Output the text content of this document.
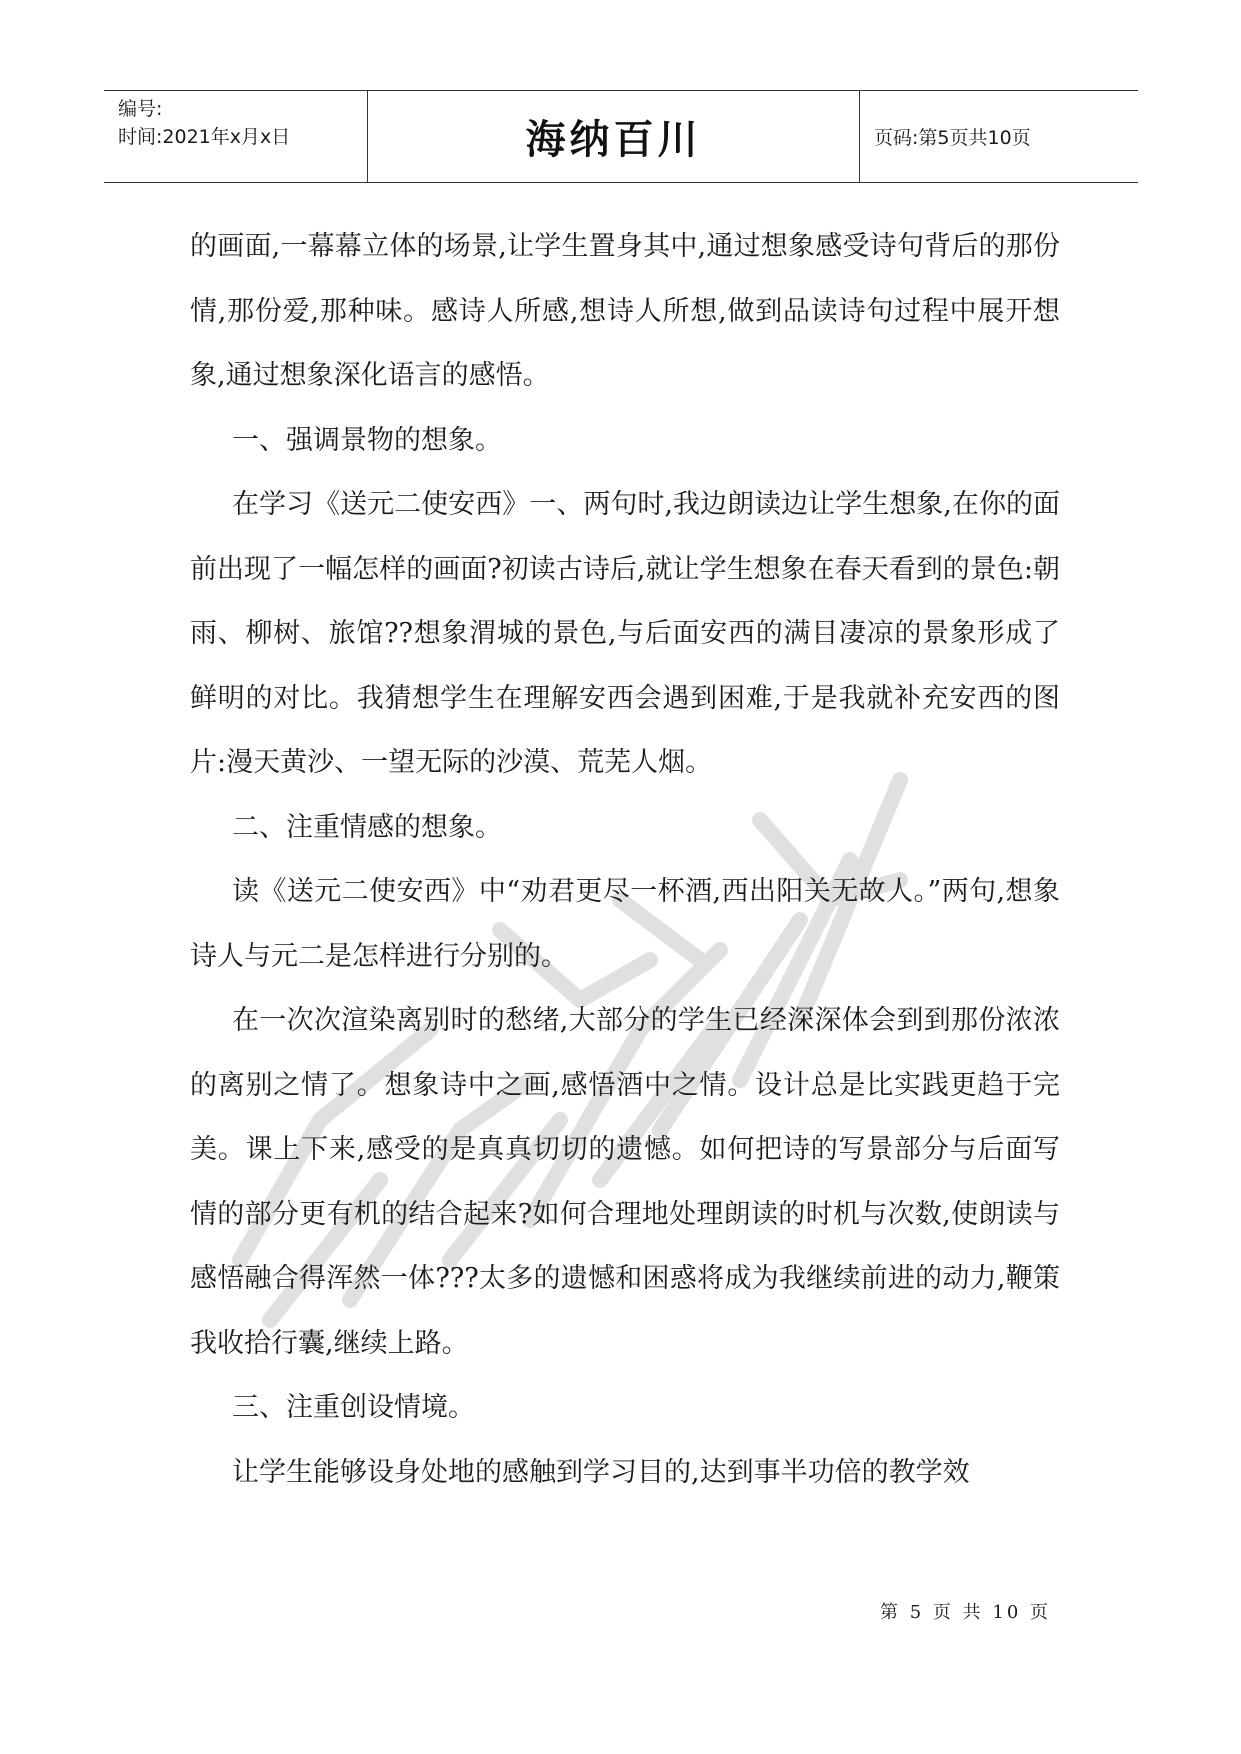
编号:
时间:2021年x月x日	海纳百川	页码:第5页共10页

的画面,一幕幕立体的场景,让学生置身其中,通过想象感受诗句背后的那份情,那份爱,那种味。感诗人所感,想诗人所想,做到品读诗句过程中展开想象,通过想象深化语言的感悟。

一、强调景物的想象。

在学习《送元二使安西》一、两句时,我边朗读边让学生想象,在你的面前出现了一幅怎样的画面?初读古诗后,就让学生想象在春天看到的景色:朝雨、柳树、旅馆??想象渭城的景色,与后面安西的满目凄凉的景象形成了鲜明的对比。我猜想学生在理解安西会遇到困难,于是我就补充安西的图片:漫天黄沙、一望无际的沙漠、荒芜人烟。

二、注重情感的想象。

读《送元二使安西》中“劝君更尽一杯酒,西出阳关无故人。”两句,想象诗人与元二是怎样进行分别的。

在一次次渲染离别时的愁绪,大部分的学生已经深深体会到到那份浓浓的离别之情了。想象诗中之画,感悟酒中之情。设计总是比实践更趋于完美。课上下来,感受的是真真切切的遗憾。如何把诗的写景部分与后面写情的部分更有机的结合起来?如何合理地处理朗读的时机与次数,使朗读与感悟融合得浑然一体???太多的遗憾和困惑将成为我继续前进的动力,鞭策我收拾行囊,继续上路。

三、注重创设情境。

让学生能够设身处地的感触到学习目的,达到事半功倍的教学效

第 5 页 共 10 页
